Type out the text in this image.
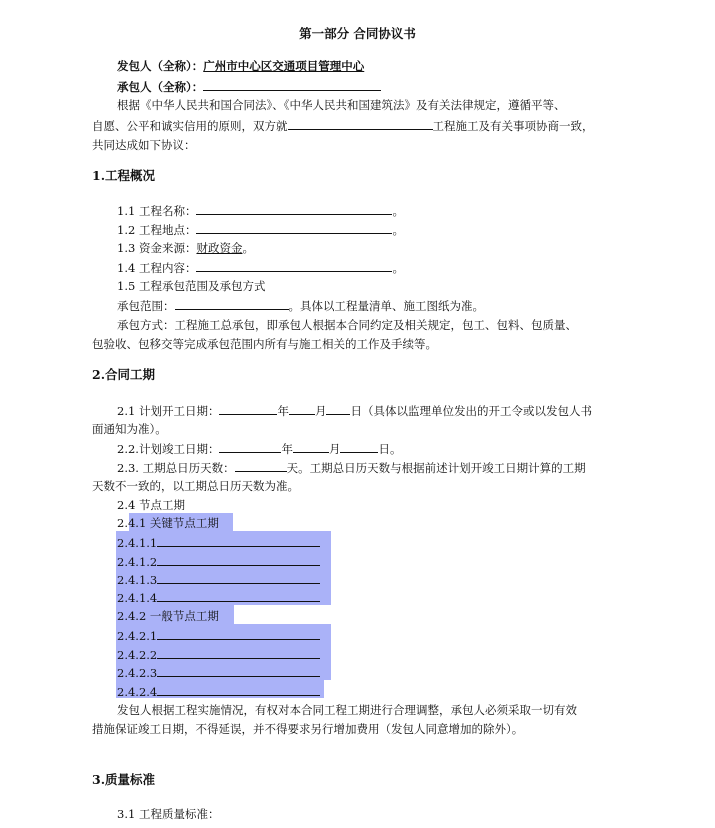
第一部分 合同协议书
发包人（全称）：广州市中心区交通项目管理中心
承包人（全称）：
根据《中华人民共和国合同法》、《中华人民共和国建筑法》及有关法律规定，遵循平等、
自愿、公平和诚实信用的原则，双方就	工程施工及有关事项协商一致，
共同达成如下协议：
1.工程概况
1.1 工程名称：	。
1.2 工程地点：	。
1.3 资金来源：财政资金。
1.4 工程内容：	。
1.5 工程承包范围及承包方式
承包范围：	。具体以工程量清单、施工图纸为准。
承包方式：工程施工总承包，即承包人根据本合同约定及相关规定，包工、包料、包质量、
包验收、包移交等完成承包范围内所有与施工相关的工作及手续等。
2.合同工期
2.1 计划开工日期：	年 月 日（具体以监理单位发出的开工令或以发包人书
面通知为准）。
2.2.计划竣工日期：	年	月	日。
2.3. 工期总日历天数：	天。工期总日历天数与根据前述计划开竣工日期计算的工期
天数不一致的，以工期总日历天数为准。
2.4 节点工期
2.4.1 关键节点工期
2.4.1.1
2.4.1.2
2.4.1.3
2.4.1.4
2.4.2 一般节点工期
2.4.2.1
2.4.2.2
2.4.2.3
2.4.2.4
发包人根据工程实施情况，有权对本合同工程工期进行合理调整，承包人必须采取一切有效
措施保证竣工日期，不得延误，并不得要求另行增加费用（发包人同意增加的除外）。
3.质量标准
3.1 工程质量标准：
